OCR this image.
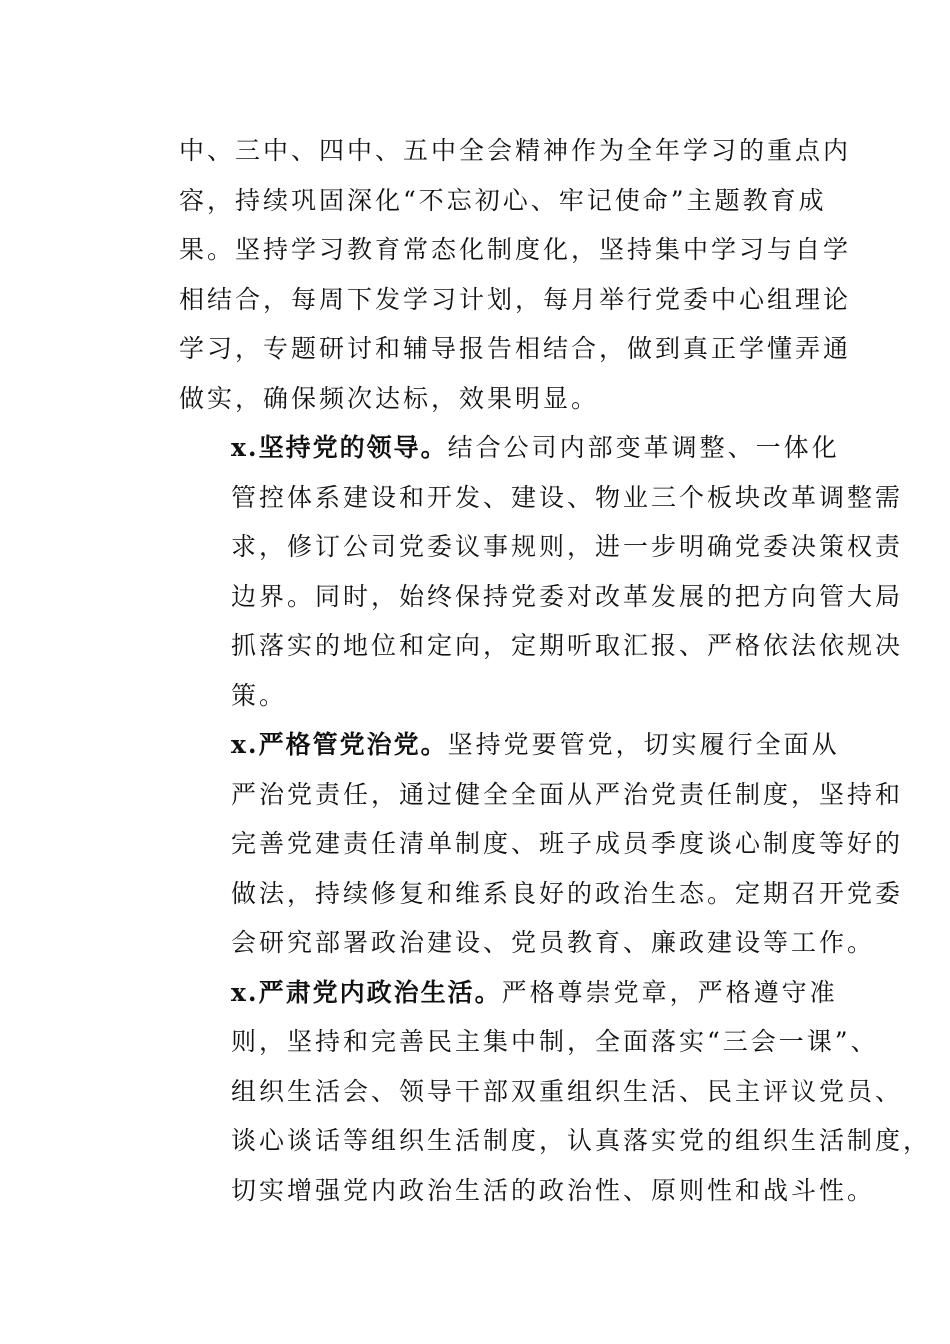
中、三中、四中、五中全会精神作为全年学习的重点内
容，持续巩固深化“不忘初心、牢记使命”主题教育成
果。坚持学习教育常态化制度化，坚持集中学习与自学
相结合，每周下发学习计划，每月举行党委中心组理论
学习，专题研讨和辅导报告相结合，做到真正学懂弄通
做实，确保频次达标，效果明显。

x.坚持党的领导。结合公司内部变革调整、一体化
管控体系建设和开发、建设、物业三个板块改革调整需
求，修订公司党委议事规则，进一步明确党委决策权责
边界。同时，始终保持党委对改革发展的把方向管大局
抓落实的地位和定向，定期听取汇报、严格依法依规决
策。

x.严格管党治党。坚持党要管党，切实履行全面从
严治党责任，通过健全全面从严治党责任制度，坚持和
完善党建责任清单制度、班子成员季度谈心制度等好的
做法，持续修复和维系良好的政治生态。定期召开党委
会研究部署政治建设、党员教育、廉政建设等工作。

x.严肃党内政治生活。严格尊崇党章，严格遵守准
则，坚持和完善民主集中制，全面落实“三会一课”、
组织生活会、领导干部双重组织生活、民主评议党员、
谈心谈话等组织生活制度，认真落实党的组织生活制度，
切实增强党内政治生活的政治性、原则性和战斗性。
